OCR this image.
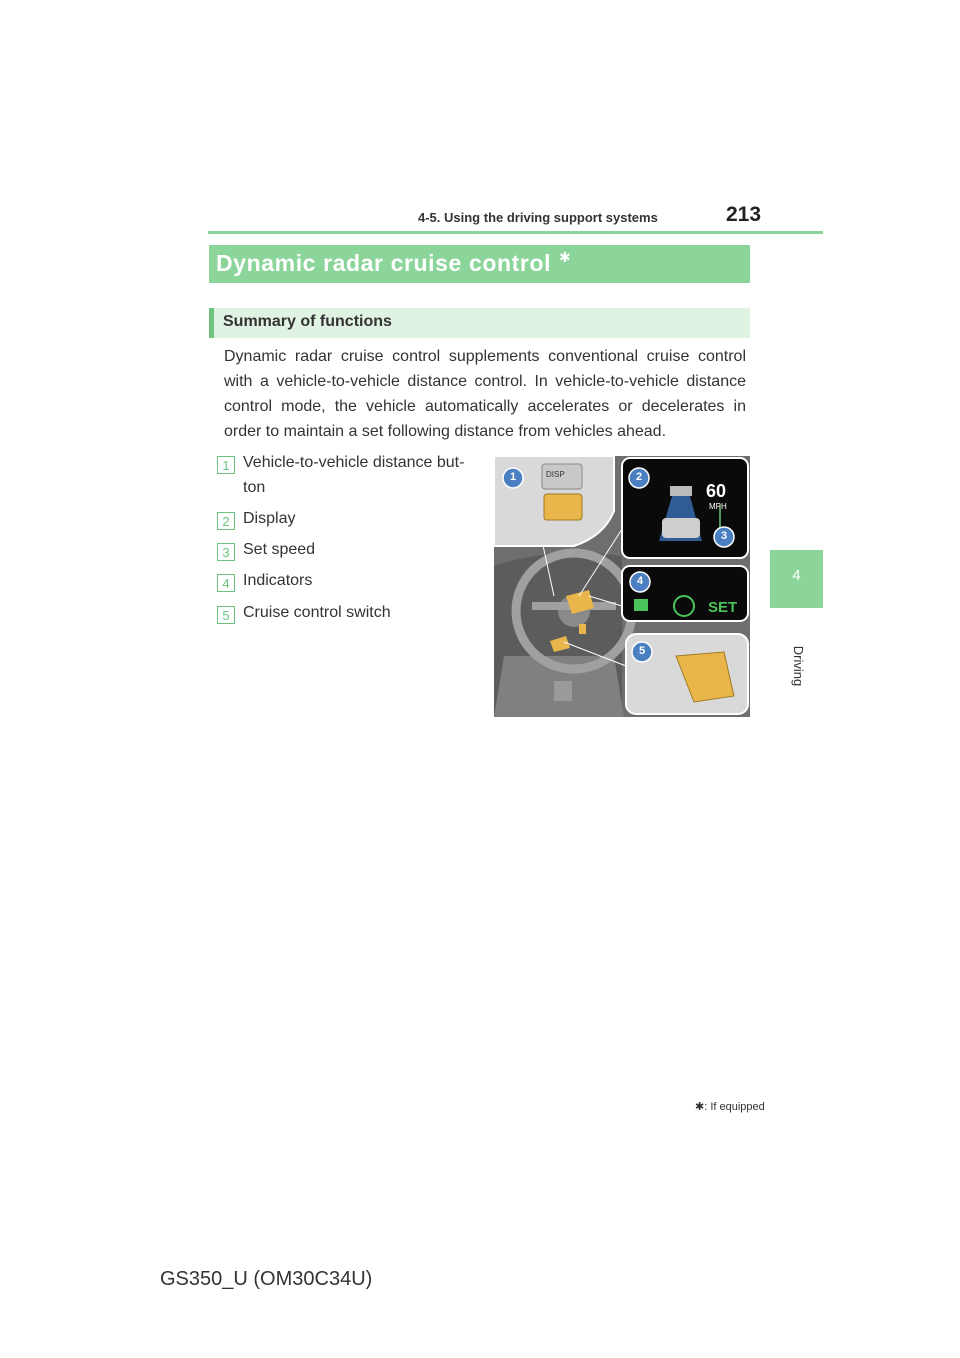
4-5. Using the driving support systems	213
4
Driving
Dynamic radar cruise control ✱
Summary of functions
Dynamic radar cruise control supplements conventional cruise control with a vehicle-to-vehicle distance control. In vehicle-to-vehicle distance control mode, the vehicle automatically accelerates or decelerates in order to maintain a set following distance from vehicles ahead.
1 Vehicle-to-vehicle distance but-
ton
2 Display
3 Set speed
4 Indicators
5 Cruise control switch
1	2
3
4
5
DISP
60
MPH
SET
IN45GS027b
✱: If equipped
GS350_U (OM30C34U)
